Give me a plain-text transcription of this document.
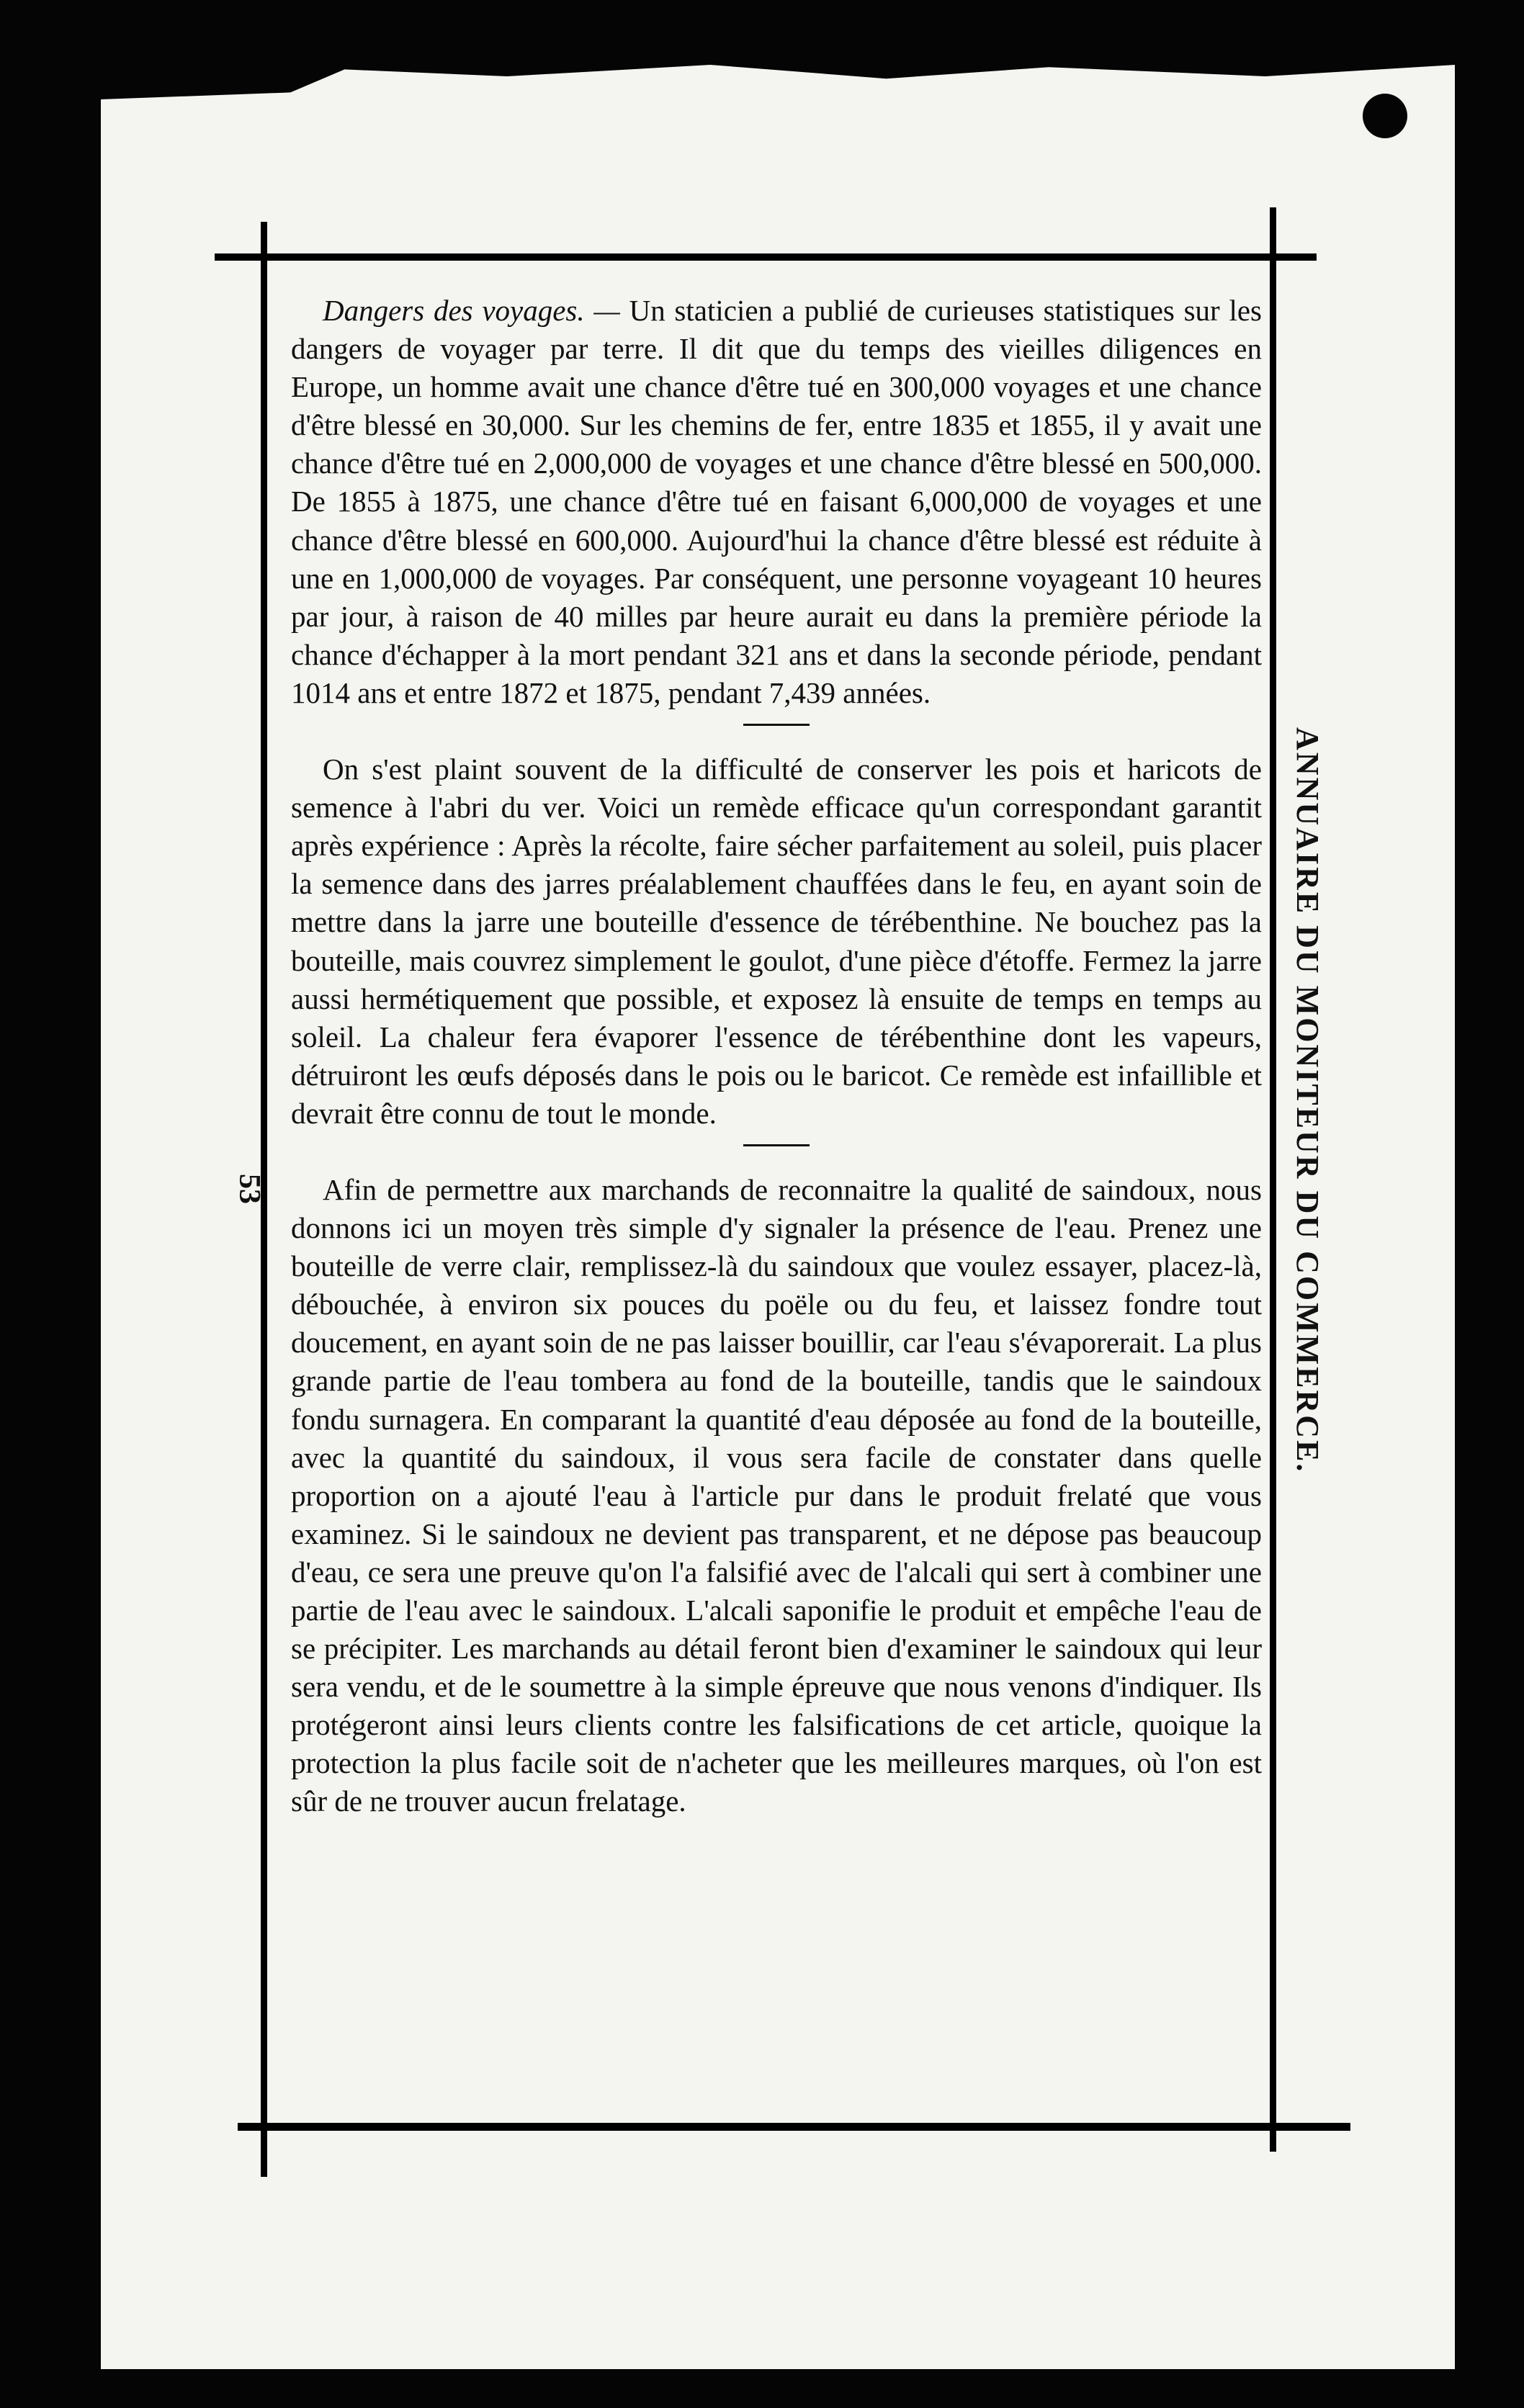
53	ANNUAIRE DU MONITEUR DU COMMERCE.

Dangers des voyages. — Un staticien a publié de curieuses statistiques sur les dangers de voyager par terre. Il dit que du temps des vieilles diligences en Europe, un homme avait une chance d'être tué en 300,000 voyages et une chance d'être blessé en 30,000. Sur les chemins de fer, entre 1835 et 1855, il y avait une chance d'être tué en 2,000,000 de voyages et une chance d'être blessé en 500,000. De 1855 à 1875, une chance d'être tué en faisant 6,000,000 de voyages et une chance d'être blessé en 600,000. Aujourd'hui la chance d'être blessé est réduite à une en 1,000,000 de voyages. Par conséquent, une personne voyageant 10 heures par jour, à raison de 40 milles par heure aurait eu dans la première période la chance d'échapper à la mort pendant 321 ans et dans la seconde période, pendant 1014 ans et entre 1872 et 1875, pendant 7,439 années.

On s'est plaint souvent de la difficulté de conserver les pois et haricots de semence à l'abri du ver. Voici un remède efficace qu'un correspondant garantit après expérience : Après la récolte, faire sécher parfaitement au soleil, puis placer la semence dans des jarres préalablement chauffées dans le feu, en ayant soin de mettre dans la jarre une bouteille d'essence de térébenthine. Ne bouchez pas la bouteille, mais couvrez simplement le goulot, d'une pièce d'étoffe. Fermez la jarre aussi hermétiquement que possible, et exposez là ensuite de temps en temps au soleil. La chaleur fera évaporer l'essence de térébenthine dont les vapeurs, détruiront les œufs déposés dans le pois ou le baricot. Ce remède est infaillible et devrait être connu de tout le monde.

Afin de permettre aux marchands de reconnaitre la qualité de saindoux, nous donnons ici un moyen très simple d'y signaler la présence de l'eau. Prenez une bouteille de verre clair, remplissez-là du saindoux que voulez essayer, placez-là, débouchée, à environ six pouces du poële ou du feu, et laissez fondre tout doucement, en ayant soin de ne pas laisser bouillir, car l'eau s'évaporerait. La plus grande partie de l'eau tombera au fond de la bouteille, tandis que le saindoux fondu surnagera. En comparant la quantité d'eau déposée au fond de la bouteille, avec la quantité du saindoux, il vous sera facile de constater dans quelle proportion on a ajouté l'eau à l'article pur dans le produit frelaté que vous examinez. Si le saindoux ne devient pas transparent, et ne dépose pas beaucoup d'eau, ce sera une preuve qu'on l'a falsifié avec de l'alcali qui sert à combiner une partie de l'eau avec le saindoux. L'alcali saponifie le produit et empêche l'eau de se précipiter. Les marchands au détail feront bien d'examiner le saindoux qui leur sera vendu, et de le soumettre à la simple épreuve que nous venons d'indiquer. Ils protégeront ainsi leurs clients contre les falsifications de cet article, quoique la protection la plus facile soit de n'acheter que les meilleures marques, où l'on est sûr de ne trouver aucun frelatage.
